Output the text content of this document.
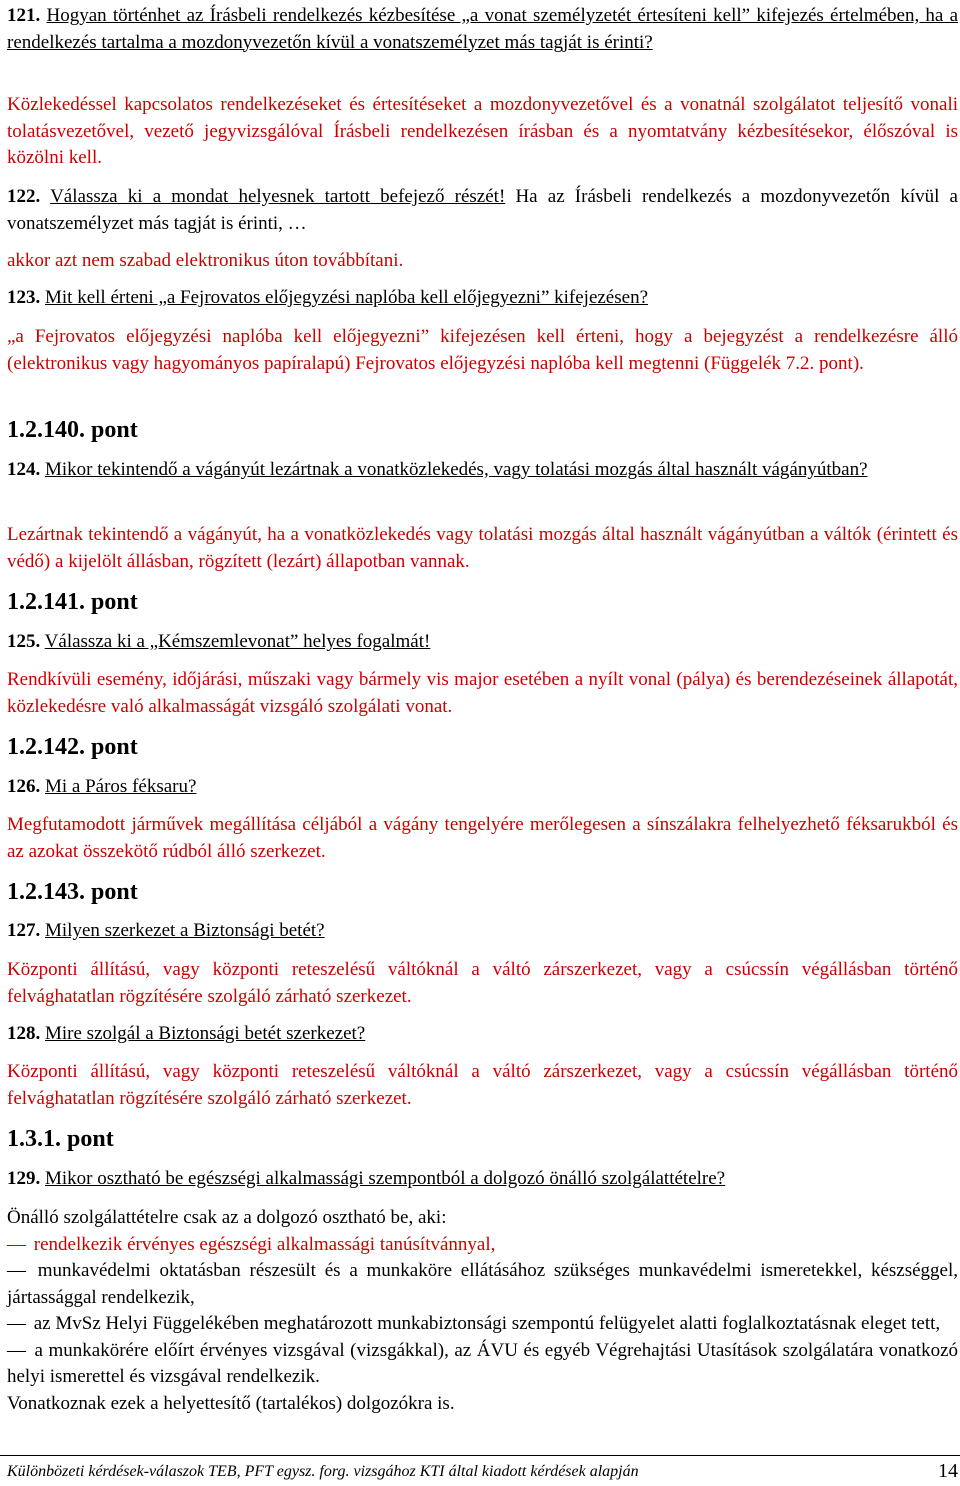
121. Hogyan történhet az Írásbeli rendelkezés kézbesítése „a vonat személyzetét értesíteni kell” kifejezés értelmében, ha a rendelkezés tartalma a mozdonyvezetőn kívül a vonatszemélyzet más tagját is érinti?

Közlekedéssel kapcsolatos rendelkezéseket és értesítéseket a mozdonyvezetővel és a vonatnál szolgálatot teljesítő vonali tolatásvezetővel, vezető jegyvizsgálóval Írásbeli rendelkezésen írásban és a nyomtatvány kézbesítésekor, élőszóval is közölni kell.

122. Válassza ki a mondat helyesnek tartott befejező részét! Ha az Írásbeli rendelkezés a mozdonyvezetőn kívül a vonatszemélyzet más tagját is érinti, …

akkor azt nem szabad elektronikus úton továbbítani.

123. Mit kell érteni „a Fejrovatos előjegyzési naplóba kell előjegyezni” kifejezésen?

„a Fejrovatos előjegyzési naplóba kell előjegyezni” kifejezésen kell érteni, hogy a bejegyzést a rendelkezésre álló (elektronikus vagy hagyományos papíralapú) Fejrovatos előjegyzési naplóba kell megtenni (Függelék 7.2. pont).

1.2.140. pont

124. Mikor tekintendő a vágányút lezártnak a vonatközlekedés, vagy tolatási mozgás által használt vágányútban?

Lezártnak tekintendő a vágányút, ha a vonatközlekedés vagy tolatási mozgás által használt vágányútban a váltók (érintett és védő) a kijelölt állásban, rögzített (lezárt) állapotban vannak.

1.2.141. pont

125. Válassza ki a „Kémszemlevonat” helyes fogalmát!

Rendkívüli esemény, időjárási, műszaki vagy bármely vis major esetében a nyílt vonal (pálya) és berendezéseinek állapotát, közlekedésre való alkalmasságát vizsgáló szolgálati vonat.

1.2.142. pont

126. Mi a Páros féksaru?

Megfutamodott járművek megállítása céljából a vágány tengelyére merőlegesen a sínszálakra felhelyezhető féksarukból és az azokat összekötő rúdból álló szerkezet.

1.2.143. pont

127. Milyen szerkezet a Biztonsági betét?

Központi állítású, vagy központi reteszelésű váltóknál a váltó zárszerkezet, vagy a csúcssín végállásban történő felvághatatlan rögzítésére szolgáló zárható szerkezet.

128. Mire szolgál a Biztonsági betét szerkezet?

Központi állítású, vagy központi reteszelésű váltóknál a váltó zárszerkezet, vagy a csúcssín végállásban történő felvághatatlan rögzítésére szolgáló zárható szerkezet.

1.3.1. pont

129. Mikor osztható be egészségi alkalmassági szempontból a dolgozó önálló szolgálattételre?

Önálló szolgálattételre csak az a dolgozó osztható be, aki:
— rendelkezik érvényes egészségi alkalmassági tanúsítvánnyal,
— munkavédelmi oktatásban részesült és a munkaköre ellátásához szükséges munkavédelmi ismeretekkel, készséggel, jártassággal rendelkezik,
— az MvSz Helyi Függelékében meghatározott munkabiztonsági szempontú felügyelet alatti foglalkoztatásnak eleget tett,
— a munkakörére előírt érvényes vizsgával (vizsgákkal), az ÁVU és egyéb Végrehajtási Utasítások szolgálatára vonatkozó helyi ismerettel és vizsgával rendelkezik.
Vonatkoznak ezek a helyettesítő (tartalékos) dolgozókra is.
Különbözeti kérdések-válaszok TEB, PFT egysz. forg. vizsgához KTI által kiadott kérdések alapján	14
